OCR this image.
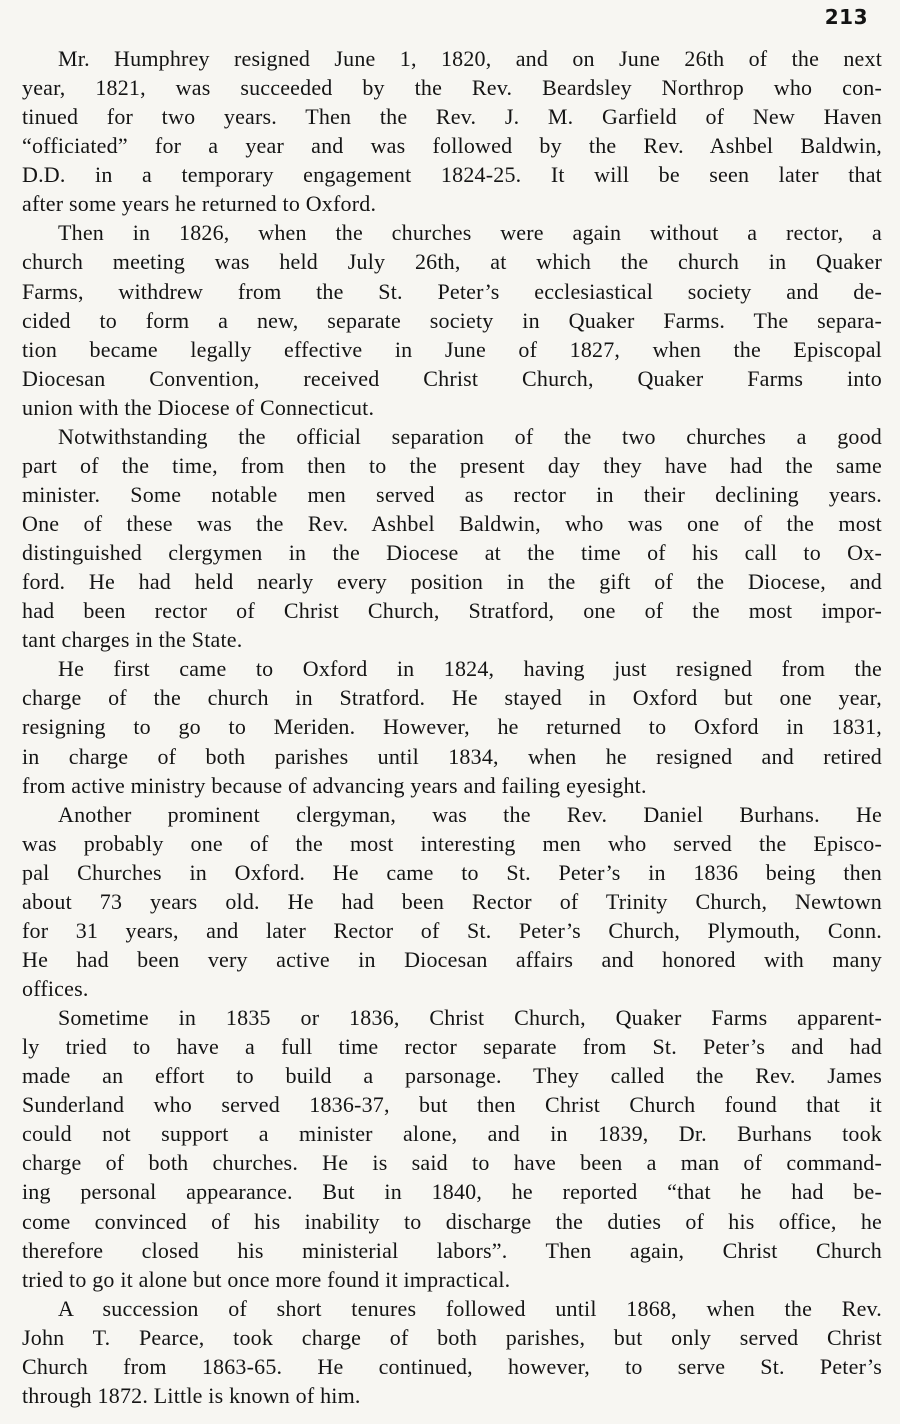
213
Mr. Humphrey resigned June 1, 1820, and on June 26th of the next
year, 1821, was succeeded by the Rev. Beardsley Northrop who con-
tinued for two years. Then the Rev. J. M. Garfield of New Haven
“officiated” for a year and was followed by the Rev. Ashbel Baldwin,
D.D. in a temporary engagement 1824-25. It will be seen later that
after some years he returned to Oxford.
Then in 1826, when the churches were again without a rector, a
church meeting was held July 26th, at which the church in Quaker
Farms, withdrew from the St. Peter’s ecclesiastical society and de-
cided to form a new, separate society in Quaker Farms. The separa-
tion became legally effective in June of 1827, when the Episcopal
Diocesan Convention, received Christ Church, Quaker Farms into
union with the Diocese of Connecticut.
Notwithstanding the official separation of the two churches a good
part of the time, from then to the present day they have had the same
minister. Some notable men served as rector in their declining years.
One of these was the Rev. Ashbel Baldwin, who was one of the most
distinguished clergymen in the Diocese at the time of his call to Ox-
ford. He had held nearly every position in the gift of the Diocese, and
had been rector of Christ Church, Stratford, one of the most impor-
tant charges in the State.
He first came to Oxford in 1824, having just resigned from the
charge of the church in Stratford. He stayed in Oxford but one year,
resigning to go to Meriden. However, he returned to Oxford in 1831,
in charge of both parishes until 1834, when he resigned and retired
from active ministry because of advancing years and failing eyesight.
Another prominent clergyman, was the Rev. Daniel Burhans. He
was probably one of the most interesting men who served the Episco-
pal Churches in Oxford. He came to St. Peter’s in 1836 being then
about 73 years old. He had been Rector of Trinity Church, Newtown
for 31 years, and later Rector of St. Peter’s Church, Plymouth, Conn.
He had been very active in Diocesan affairs and honored with many
offices.
Sometime in 1835 or 1836, Christ Church, Quaker Farms apparent-
ly tried to have a full time rector separate from St. Peter’s and had
made an effort to build a parsonage. They called the Rev. James
Sunderland who served 1836-37, but then Christ Church found that it
could not support a minister alone, and in 1839, Dr. Burhans took
charge of both churches. He is said to have been a man of command-
ing personal appearance. But in 1840, he reported “that he had be-
come convinced of his inability to discharge the duties of his office, he
therefore closed his ministerial labors”. Then again, Christ Church
tried to go it alone but once more found it impractical.
A succession of short tenures followed until 1868, when the Rev.
John T. Pearce, took charge of both parishes, but only served Christ
Church from 1863-65. He continued, however, to serve St. Peter’s
through 1872. Little is known of him.
